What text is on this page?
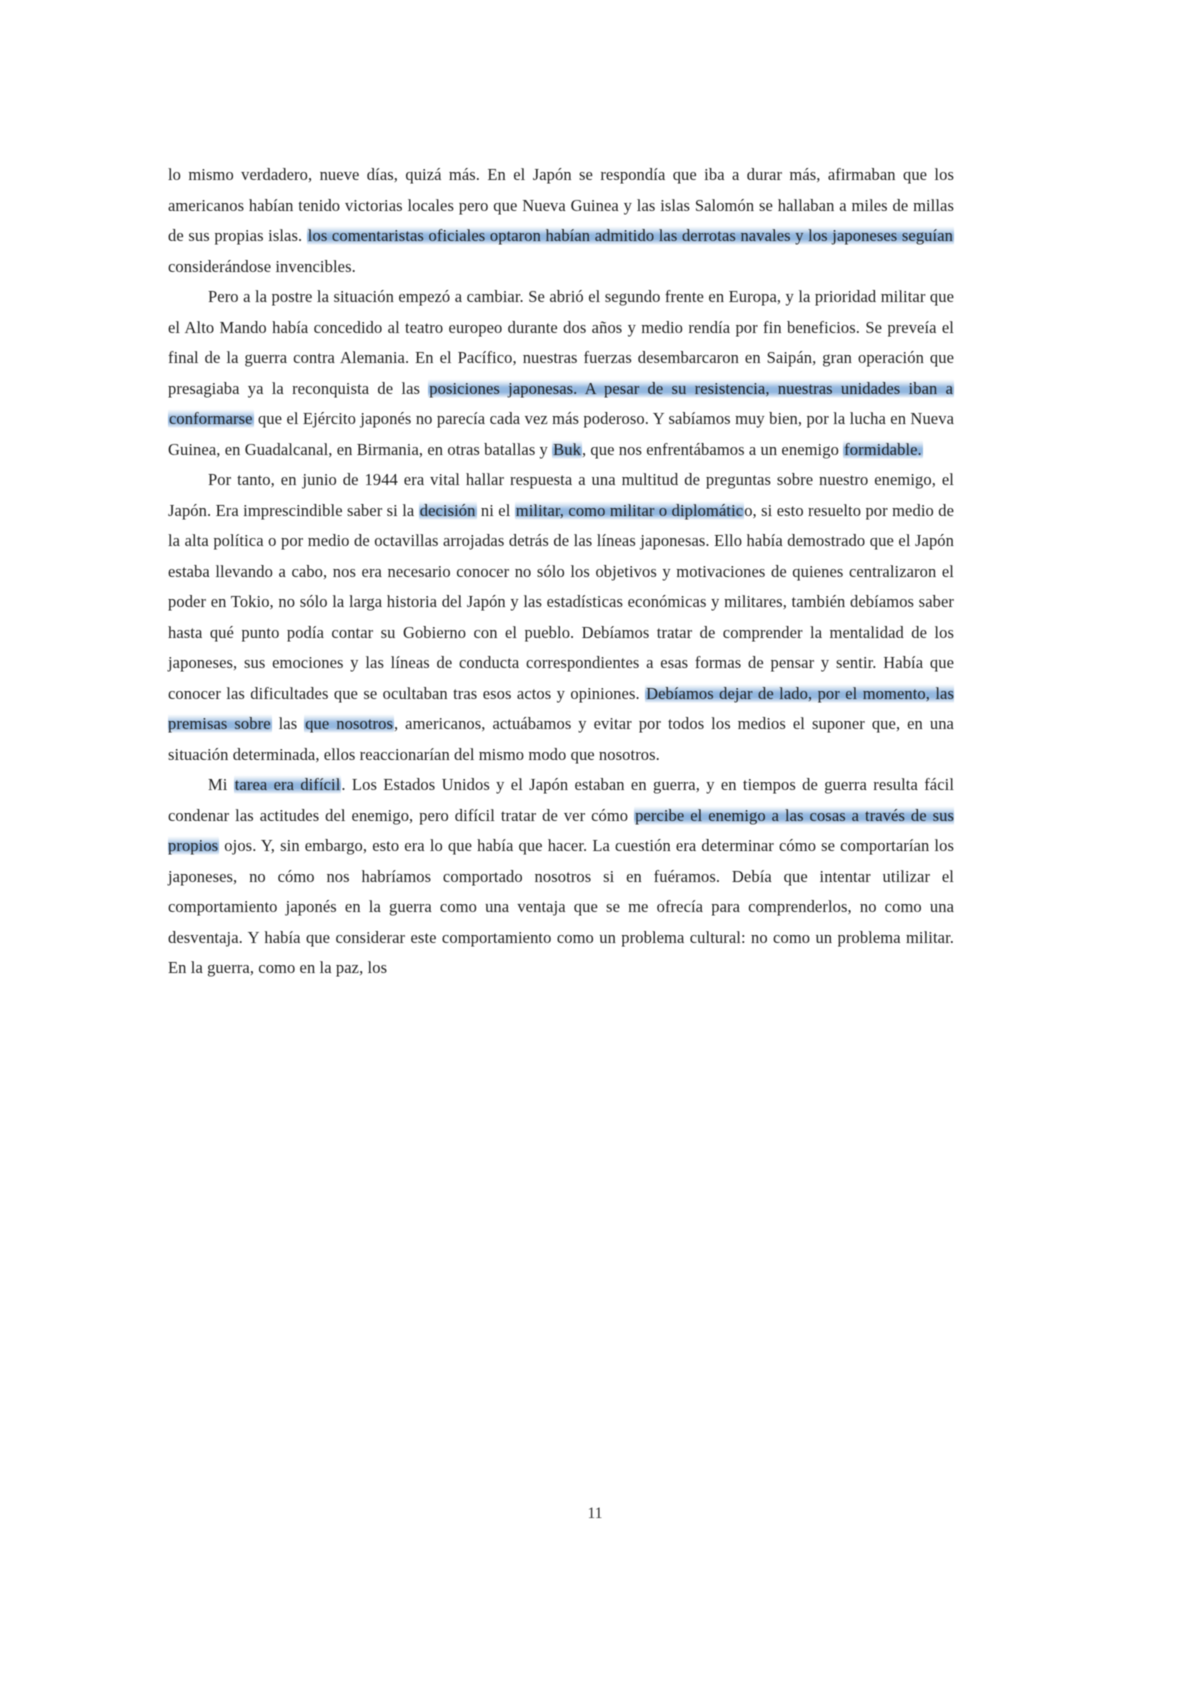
lo mismo verdadero, nueve días, quizá más. En el Japón se respondía que iba a durar más, afirmaban que los americanos habían tenido victorias locales pero que Nueva Guinea y las islas Salomón se hallaban a miles de millas de sus propias islas. los comentaristas oficiales optaron habían admitido las derrotas navales y los japoneses seguían considerándose invencibles.

Pero a la postre la situación empezó a cambiar. Se abrió el segundo frente en Europa, y la prioridad militar que el Alto Mando había concedido al teatro europeo durante dos años y medio rendía por fin beneficios. Se preveía el final de la guerra contra Alemania. En el Pacífico, nuestras fuerzas desembarcaron en Saipán, gran operación que presagiaba ya la reconquista de las posiciones japonesas. A pesar de su resistencia, nuestras unidades iban a conformarse que el Ejército japonés no parecía cada vez más poderoso. Y sabíamos muy bien, por la lucha en Nueva Guinea, en Guadalcanal, en Birmania, en otras batallas y Buk, que nos enfrentábamos a un enemigo formidable.

Por tanto, en junio de 1944 era vital hallar respuesta a una multitud de preguntas sobre nuestro enemigo, el Japón. Era imprescindible saber si la decisión ni el militar, como militar o diplomático, si esto resuelto por medio de la alta política o por medio de octavillas arrojadas detrás de las líneas japonesas. Ello había demostrado que el Japón estaba llevando a cabo, nos era necesario conocer no sólo los objetivos y motivaciones de quienes centralizaron el poder en Tokio, no sólo la larga historia del Japón y las estadísticas económicas y militares, también debíamos saber hasta qué punto podía contar su Gobierno con el pueblo. Debíamos tratar de comprender la mentalidad de los japoneses, sus emociones y las líneas de conducta correspondientes a esas formas de pensar y sentir. Había que conocer las dificultades que se ocultaban tras esos actos y opiniones. Debíamos dejar de lado, por el momento, las premisas sobre las que nosotros, americanos, actuábamos y evitar por todos los medios el suponer que, en una situación determinada, ellos reaccionarían del mismo modo que nosotros.

Mi tarea era difícil. Los Estados Unidos y el Japón estaban en guerra, y en tiempos de guerra resulta fácil condenar las actitudes del enemigo, pero difícil tratar de ver cómo percibe el enemigo a las cosas a través de sus propios ojos. Y, sin embargo, esto era lo que había que hacer. La cuestión era determinar cómo se comportarían los japoneses, no cómo nos habríamos comportado nosotros si en fuéramos. Debía que intentar utilizar el comportamiento japonés en la guerra como una ventaja que se me ofrecía para comprenderlos, no como una desventaja. Y había que considerar este comportamiento como un problema cultural: no como un problema militar. En la guerra, como en la paz, los

11
